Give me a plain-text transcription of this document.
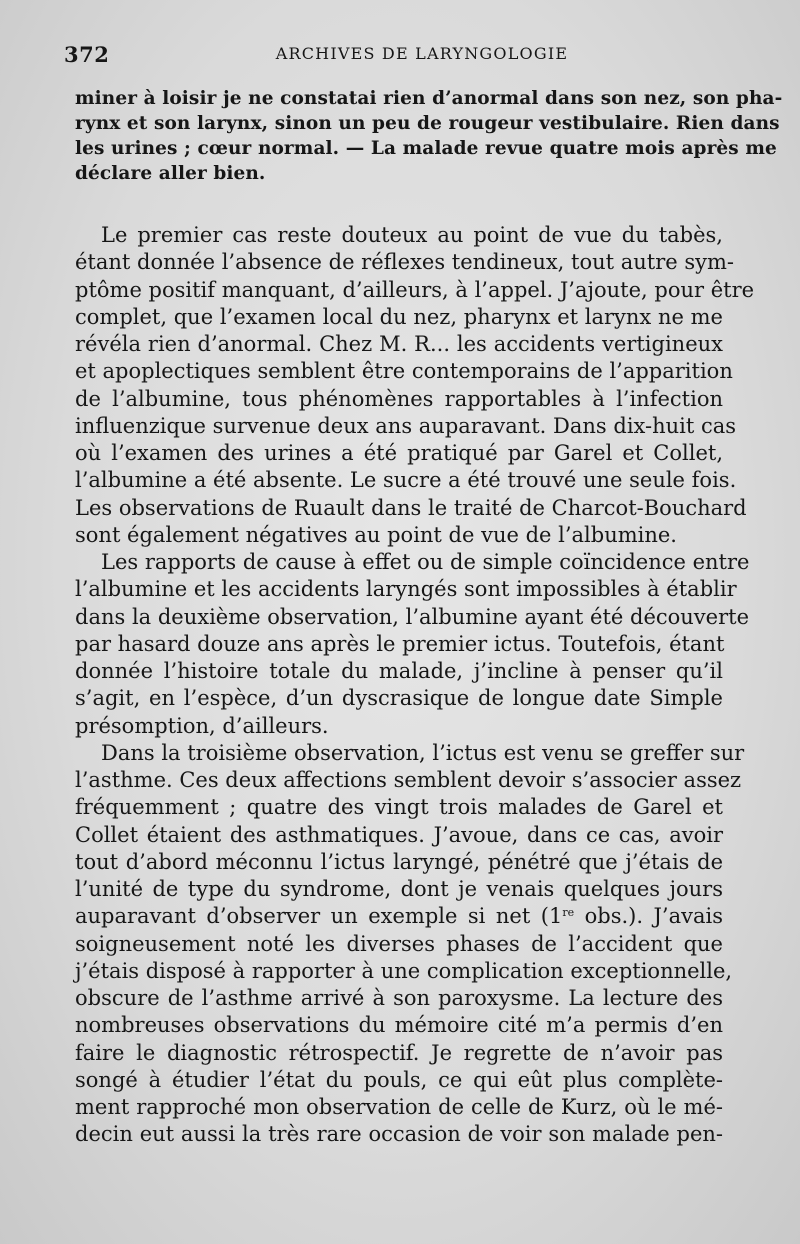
372	ARCHIVES DE LARYNGOLOGIE
miner à loisir je ne constatai rien d’anormal dans son nez, son pha-
rynx et son larynx, sinon un peu de rougeur vestibulaire. Rien dans
les urines ; cœur normal. — La malade revue quatre mois après me
déclare aller bien.
Le premier cas reste douteux au point de vue du tabès,
étant donnée l’absence de réflexes tendineux, tout autre sym-
ptôme positif manquant, d’ailleurs, à l’appel. J’ajoute, pour être
complet, que l’examen local du nez, pharynx et larynx ne me
révéla rien d’anormal. Chez M. R... les accidents vertigineux
et apoplectiques semblent être contemporains de l’apparition
de l’albumine, tous phénomènes rapportables à l’infection
influenzique survenue deux ans auparavant. Dans dix-huit cas
où l’examen des urines a été pratiqué par Garel et Collet,
l’albumine a été absente. Le sucre a été trouvé une seule fois.
Les observations de Ruault dans le traité de Charcot-Bouchard
sont également négatives au point de vue de l’albumine.
Les rapports de cause à effet ou de simple coïncidence entre
l’albumine et les accidents laryngés sont impossibles à établir
dans la deuxième observation, l’albumine ayant été découverte
par hasard douze ans après le premier ictus. Toutefois, étant
donnée l’histoire totale du malade, j’incline à penser qu’il
s’agit, en l’espèce, d’un dyscrasique de longue date Simple
présomption, d’ailleurs.
Dans la troisième observation, l’ictus est venu se greffer sur
l’asthme. Ces deux affections semblent devoir s’associer assez
fréquemment ; quatre des vingt trois malades de Garel et
Collet étaient des asthmatiques. J’avoue, dans ce cas, avoir
tout d’abord méconnu l’ictus laryngé, pénétré que j’étais de
l’unité de type du syndrome, dont je venais quelques jours
auparavant d’observer un exemple si net (1re obs.). J’avais
soigneusement noté les diverses phases de l’accident que
j’étais disposé à rapporter à une complication exceptionnelle,
obscure de l’asthme arrivé à son paroxysme. La lecture des
nombreuses observations du mémoire cité m’a permis d’en
faire le diagnostic rétrospectif. Je regrette de n’avoir pas
songé à étudier l’état du pouls, ce qui eût plus complète-
ment rapproché mon observation de celle de Kurz, où le mé-
decin eut aussi la très rare occasion de voir son malade pen-
